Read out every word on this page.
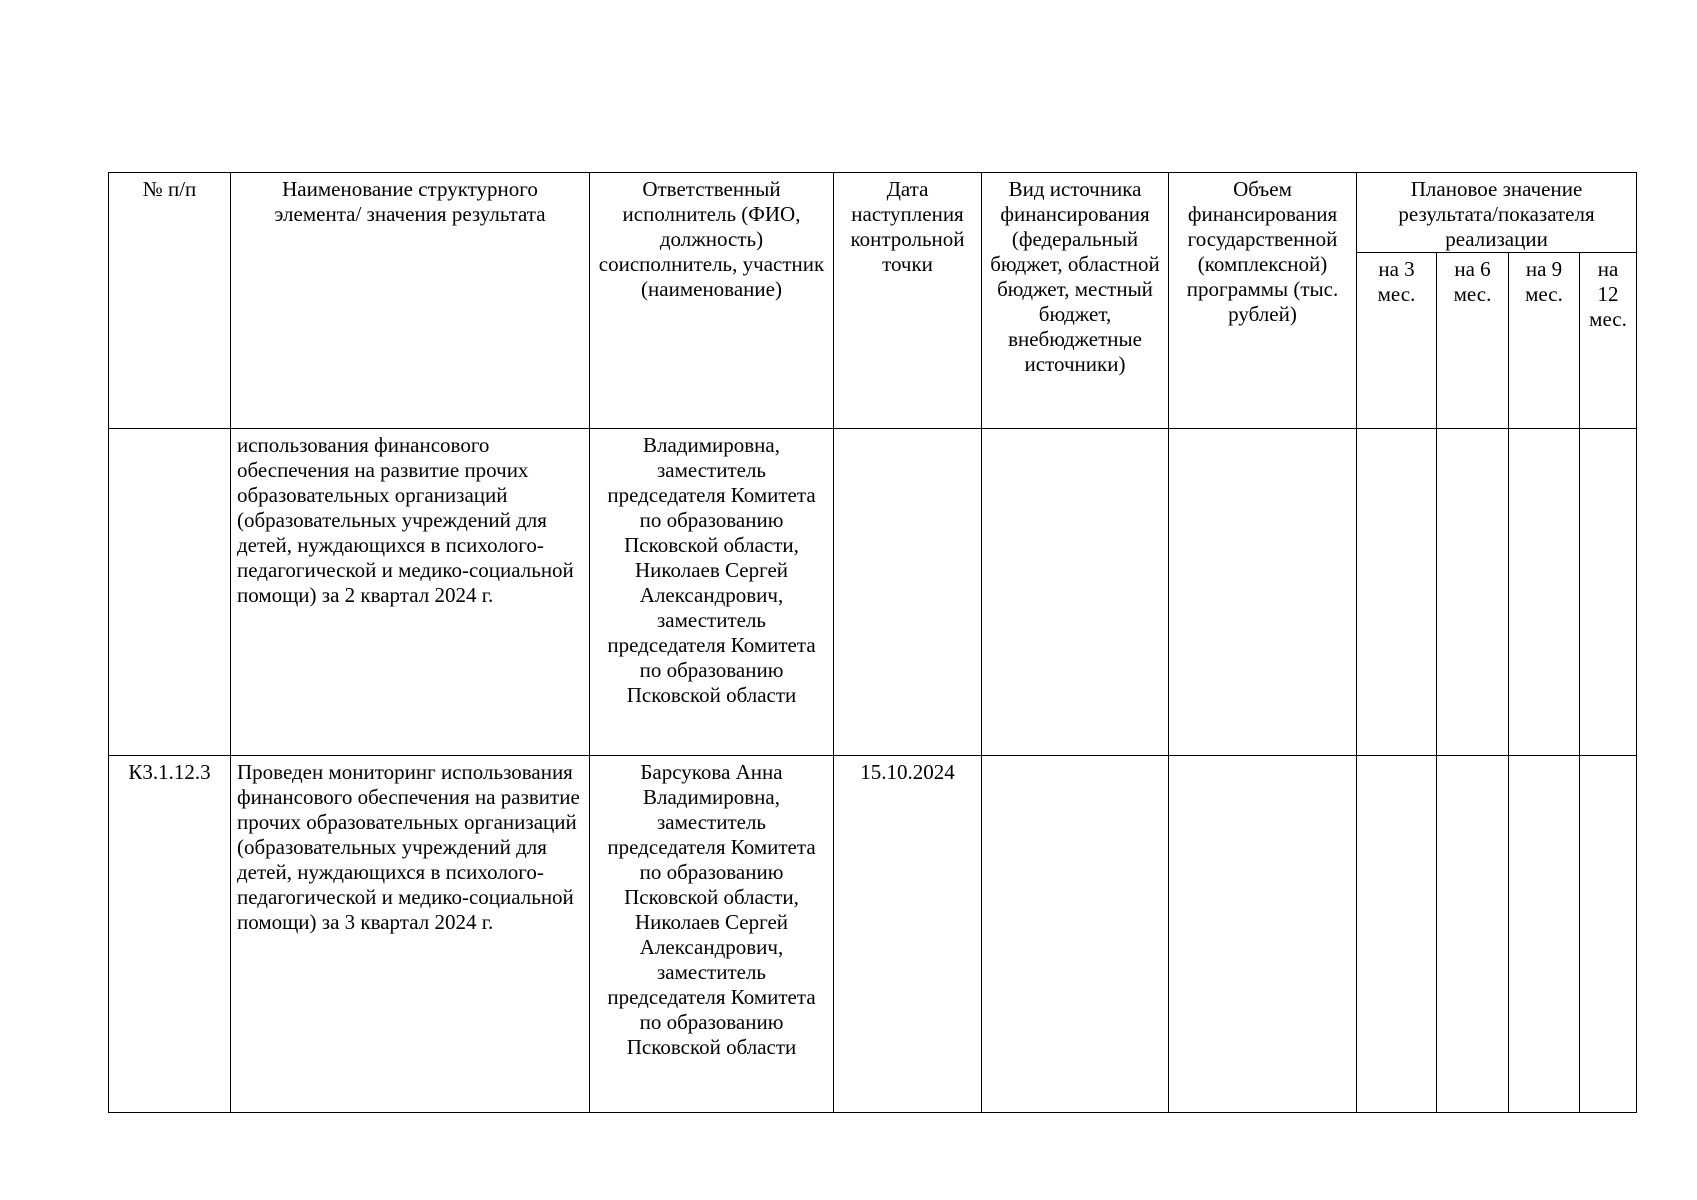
№ п/п	Наименование структурного элемента/ значения результата	Ответственный исполнитель (ФИО, должность) соисполнитель, участник (наименование)	Дата наступления контрольной точки	Вид источника финансирования (федеральный бюджет, областной бюджет, местный бюджет, внебюджетные источники)	Объем финансирования государственной (комплексной) программы (тыс. рублей)	Плановое значение результата/показателя реализации			
						на 3 мес.	на 6 мес.	на 9 мес.	на 12 мес.
	использования финансового обеспечения на развитие прочих образовательных организаций (образовательных учреждений для детей, нуждающихся в психолого-педагогической и медико-социальной помощи) за 2 квартал 2024 г.	Владимировна, заместитель председателя Комитета по образованию Псковской области, Николаев Сергей Александрович, заместитель председателя Комитета по образованию Псковской области							
К3.1.12.3	Проведен мониторинг использования финансового обеспечения на развитие прочих образовательных организаций (образовательных учреждений для детей, нуждающихся в психолого-педагогической и медико-социальной помощи) за 3 квартал 2024 г.	Барсукова Анна Владимировна, заместитель председателя Комитета по образованию Псковской области, Николаев Сергей Александрович, заместитель председателя Комитета по образованию Псковской области	15.10.2024						
